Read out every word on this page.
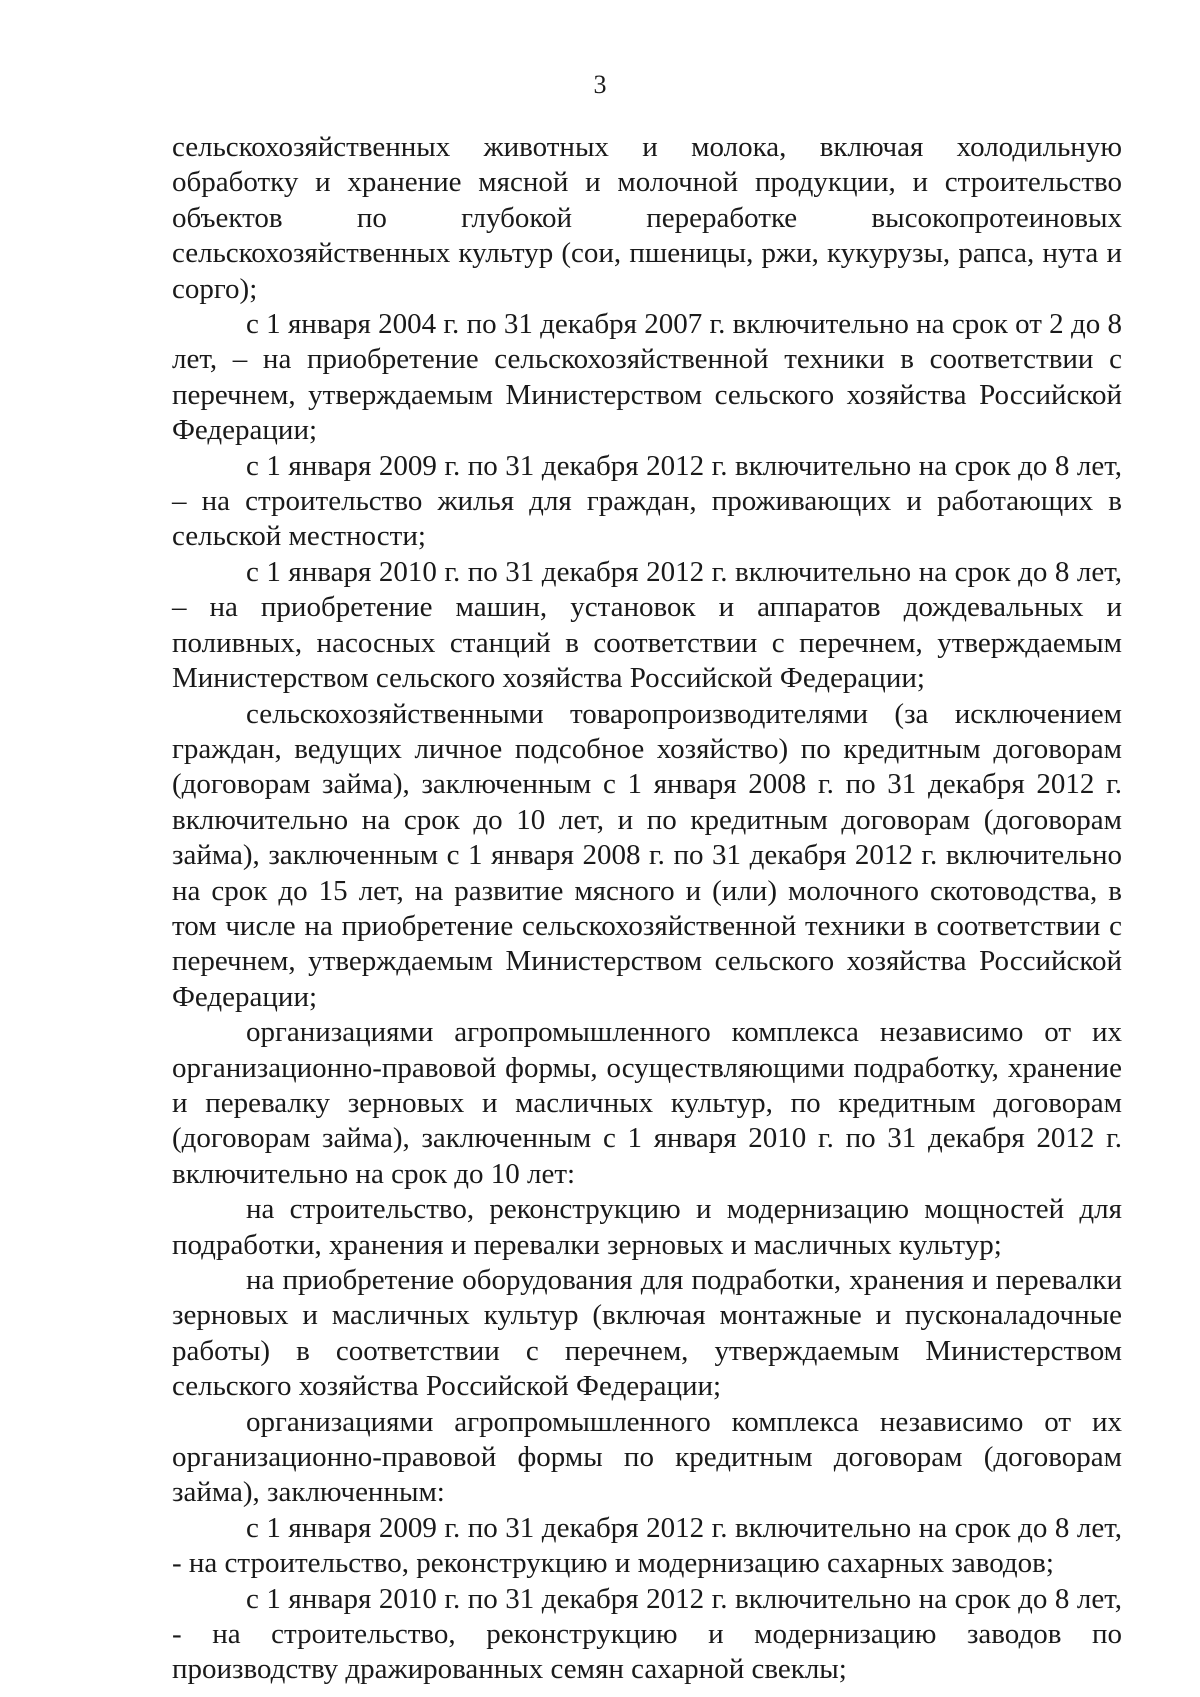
3

сельскохозяйственных животных и молока, включая холодильную обработку и хранение мясной и молочной продукции, и строительство объектов по глубокой переработке высокопротеиновых сельскохозяйственных культур (сои, пшеницы, ржи, кукурузы, рапса, нута и сорго);

с 1 января 2004 г. по 31 декабря 2007 г. включительно на срок от 2 до 8 лет, – на приобретение сельскохозяйственной техники в соответствии с перечнем, утверждаемым Министерством сельского хозяйства Российской Федерации;

с 1 января 2009 г. по 31 декабря 2012 г. включительно на срок до 8 лет, – на строительство жилья для граждан, проживающих и работающих в сельской местности;

с 1 января 2010 г. по 31 декабря 2012 г. включительно на срок до 8 лет, – на приобретение машин, установок и аппаратов дождевальных и поливных, насосных станций в соответствии с перечнем, утверждаемым Министерством сельского хозяйства Российской Федерации;

сельскохозяйственными товаропроизводителями (за исключением граждан, ведущих личное подсобное хозяйство) по кредитным договорам (договорам займа), заключенным с 1 января 2008 г. по 31 декабря 2012 г. включительно на срок до 10 лет, и по кредитным договорам (договорам займа), заключенным с 1 января 2008 г. по 31 декабря 2012 г. включительно на срок до 15 лет, на развитие мясного и (или) молочного скотоводства, в том числе на приобретение сельскохозяйственной техники в соответствии с перечнем, утверждаемым Министерством сельского хозяйства Российской Федерации;

организациями агропромышленного комплекса независимо от их организационно-правовой формы, осуществляющими подработку, хранение и перевалку зерновых и масличных культур, по кредитным договорам (договорам займа), заключенным с 1 января 2010 г. по 31 декабря 2012 г. включительно на срок до 10 лет:

на строительство, реконструкцию и модернизацию мощностей для подработки, хранения и перевалки зерновых и масличных культур;

на приобретение оборудования для подработки, хранения и перевалки зерновых и масличных культур (включая монтажные и пусконаладочные работы) в соответствии с перечнем, утверждаемым Министерством сельского хозяйства Российской Федерации;

организациями агропромышленного комплекса независимо от их организационно-правовой формы по кредитным договорам (договорам займа), заключенным:

с 1 января 2009 г. по 31 декабря 2012 г. включительно на срок до 8 лет, - на строительство, реконструкцию и модернизацию сахарных заводов;

с 1 января 2010 г. по 31 декабря 2012 г. включительно на срок до 8 лет, - на строительство, реконструкцию и модернизацию заводов по производству дражированных семян сахарной свеклы;
